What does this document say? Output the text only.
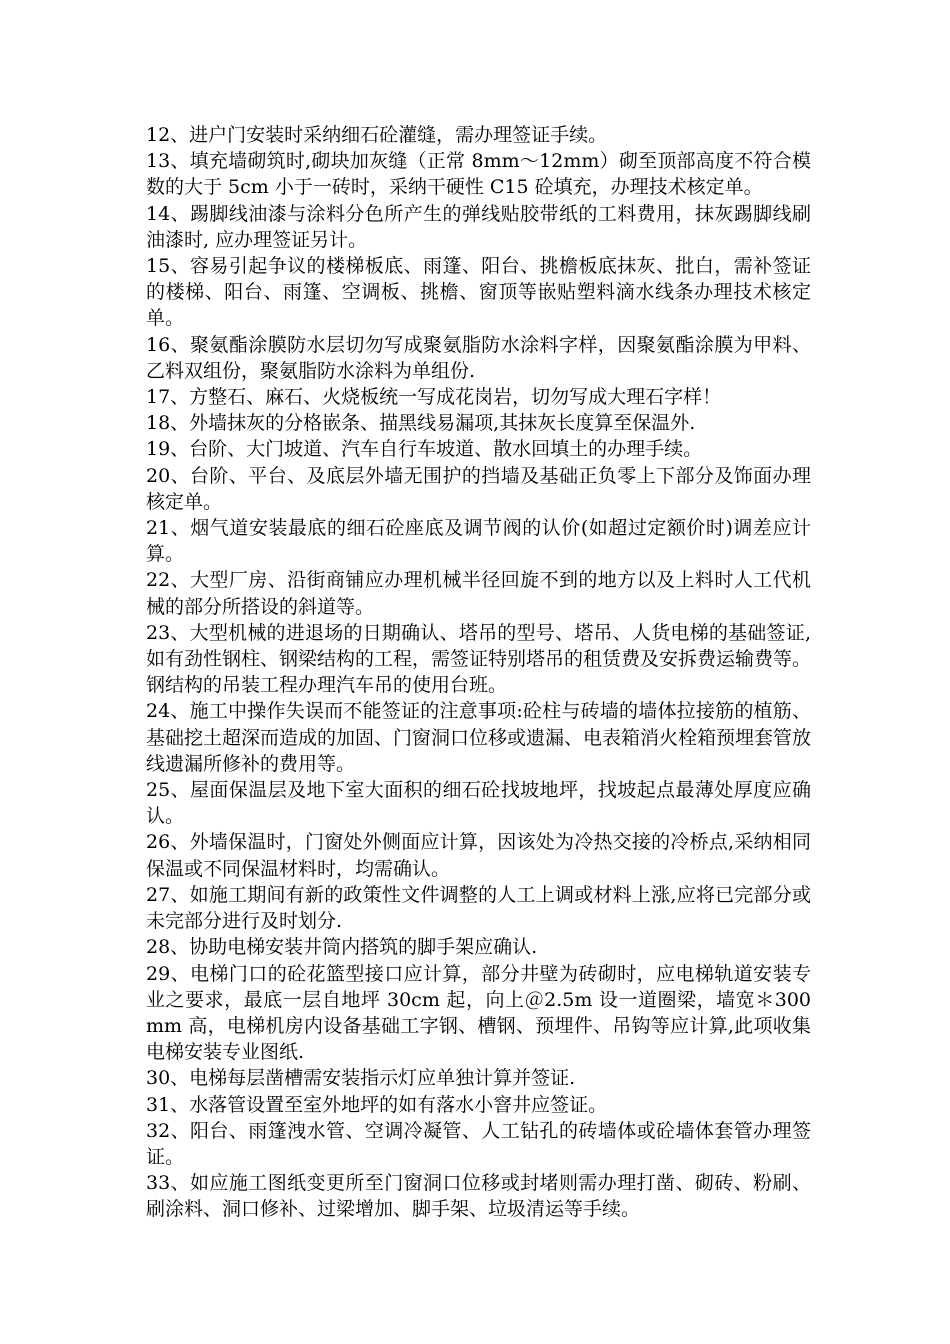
12、进户门安装时采纳细石砼灌缝，需办理签证手续。

13、填充墙砌筑时,砌块加灰缝（正常 8mm～12mm）砌至顶部高度不符合模数的大于 5cm 小于一砖时，采纳干硬性 C15 砼填充，办理技术核定单。

14、踢脚线油漆与涂料分色所产生的弹线贴胶带纸的工料费用，抹灰踢脚线刷油漆时, 应办理签证另计。

15、容易引起争议的楼梯板底、雨篷、阳台、挑檐板底抹灰、批白，需补签证的楼梯、阳台、雨篷、空调板、挑檐、窗顶等嵌贴塑料滴水线条办理技术核定单。

16、聚氨酯涂膜防水层切勿写成聚氨脂防水涂料字样，因聚氨酯涂膜为甲料、乙料双组份，聚氨脂防水涂料为单组份.

17、方整石、麻石、火烧板统一写成花岗岩，切勿写成大理石字样！

18、外墙抹灰的分格嵌条、描黑线易漏项,其抹灰长度算至保温外.

19、台阶、大门坡道、汽车自行车坡道、散水回填土的办理手续。

20、台阶、平台、及底层外墙无围护的挡墙及基础正负零上下部分及饰面办理核定单。

21、烟气道安装最底的细石砼座底及调节阀的认价(如超过定额价时)调差应计算。

22、大型厂房、沿街商铺应办理机械半径回旋不到的地方以及上料时人工代机械的部分所搭设的斜道等。

23、大型机械的进退场的日期确认、塔吊的型号、塔吊、人货电梯的基础签证,如有劲性钢柱、钢梁结构的工程，需签证特别塔吊的租赁费及安拆费运输费等。钢结构的吊装工程办理汽车吊的使用台班。

24、施工中操作失误而不能签证的注意事项:砼柱与砖墙的墙体拉接筋的植筋、基础挖土超深而造成的加固、门窗洞口位移或遗漏、电表箱消火栓箱预埋套管放线遗漏所修补的费用等。

25、屋面保温层及地下室大面积的细石砼找坡地坪，找坡起点最薄处厚度应确认。

26、外墙保温时，门窗处外侧面应计算，因该处为冷热交接的冷桥点,采纳相同保温或不同保温材料时，均需确认。

27、如施工期间有新的政策性文件调整的人工上调或材料上涨,应将已完部分或未完部分进行及时划分.

28、协助电梯安装井筒内搭筑的脚手架应确认.

29、电梯门口的砼花篮型接口应计算，部分井壁为砖砌时，应电梯轨道安装专业之要求，最底一层自地坪 30cm 起，向上＠2.5m 设一道圈梁，墙宽＊300mm 高，电梯机房内设备基础工字钢、槽钢、预埋件、吊钩等应计算,此项收集电梯安装专业图纸.

30、电梯每层凿槽需安装指示灯应单独计算并签证.

31、水落管设置至室外地坪的如有落水小窨井应签证。

32、阳台、雨篷洩水管、空调冷凝管、人工钻孔的砖墙体或砼墙体套管办理签证。

33、如应施工图纸变更所至门窗洞口位移或封堵则需办理打凿、砌砖、粉刷、刷涂料、洞口修补、过梁增加、脚手架、垃圾清运等手续。
